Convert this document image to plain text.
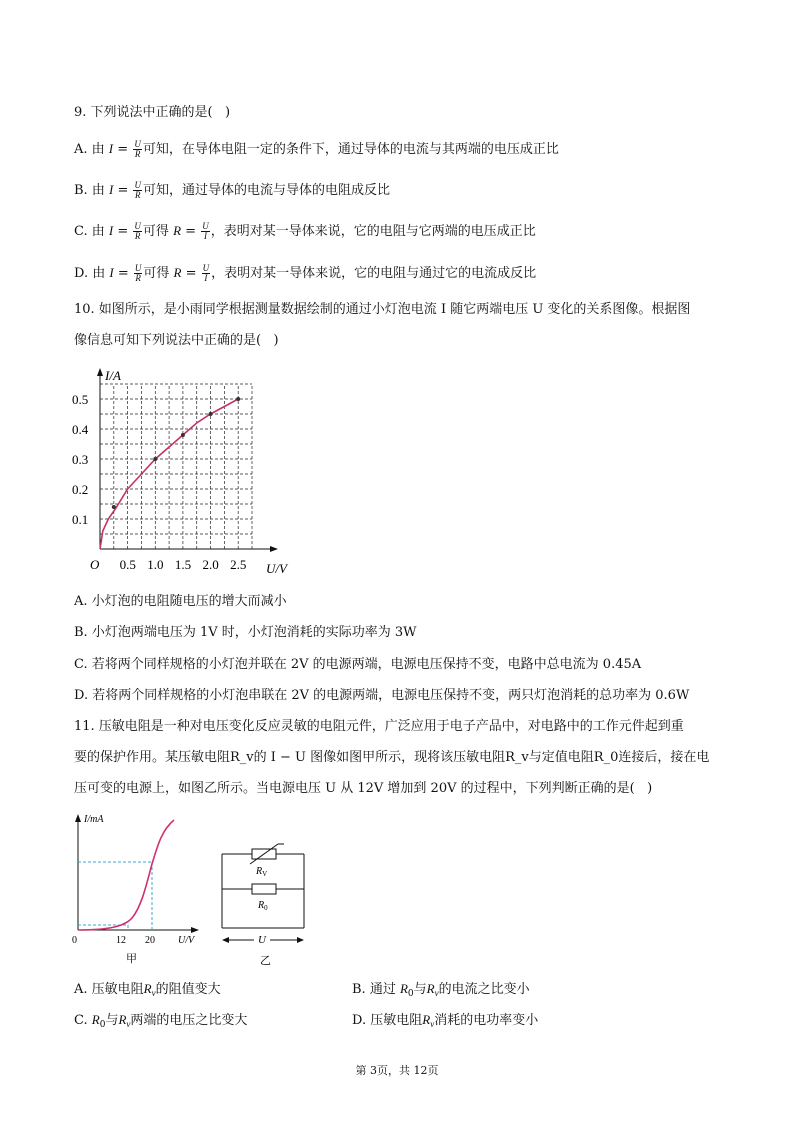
9. 下列说法中正确的是(   )
A. 由 $I = \frac{U}{R}$ 可知，在导体电阻一定的条件下，通过导体的电流与其两端的电压成正比
B. 由 $I = \frac{U}{R}$ 可知，通过导体的电流与导体的电阻成反比
C. 由 $I = \frac{U}{R}$ 可得 $R = \frac{U}{I}$ ，表明对某一导体来说，它的电阻与它两端的电压成正比
D. 由 $I = \frac{U}{R}$ 可得 $R = \frac{U}{I}$ ，表明对某一导体来说，它的电阻与通过它的电流成反比
10. 如图所示，是小雨同学根据测量数据绘制的通过小灯泡电流 I 随它两端电压 U 变化的关系图像。根据图
像信息可知下列说法中正确的是(   )
0.5 1.0 1.5 2.0 2.5
0.1
0.2
0.3
0.4
0.5
O
I/A
U/V
A. 小灯泡的电阻随电压的增大而减小
B. 小灯泡两端电压为 1V 时，小灯泡消耗的实际功率为 3W
C. 若将两个同样规格的小灯泡并联在 2V 的电源两端，电源电压保持不变，电路中总电流为 0.45A
D. 若将两个同样规格的小灯泡串联在 2V 的电源两端，电源电压保持不变，两只灯泡消耗的总功率为 0.6W
11. 压敏电阻是一种对电压变化反应灵敏的电阻元件，广泛应用于电子产品中，对电路中的工作元件起到重
要的保护作用。某压敏电阻R_v的 I − U 图像如图甲所示，现将该压敏电阻R_v与定值电阻R_0连接后，接在电
压可变的电源上，如图乙所示。当电源电压 U 从 12V 增加到 20V 的过程中，下列判断正确的是(   )
I/mA
0	12 20 U/V
甲
$R_V$
$R_0$
U
乙
A. 压敏电阻$R_v$的阻值变大	B. 通过 $R_0$与$R_v$的电流之比变小
C. $R_0$与$R_v$两端的电压之比变大	D. 压敏电阻$R_v$消耗的电功率变小
第 3页，共 12页
